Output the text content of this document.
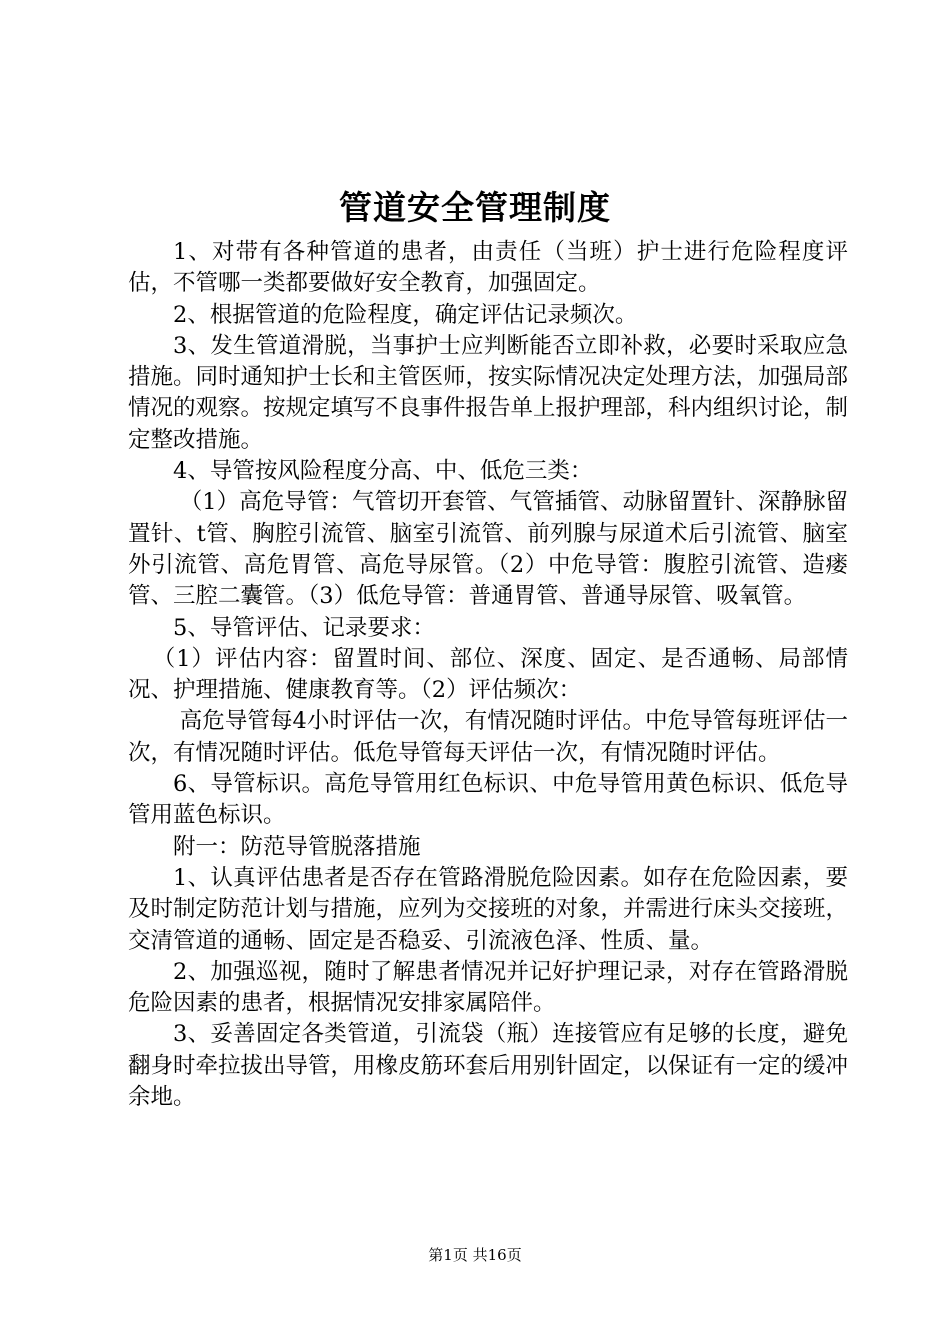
管道安全管理制度

1、对带有各种管道的患者，由责任（当班）护士进行危险程度评估，不管哪一类都要做好安全教育，加强固定。

2、根据管道的危险程度，确定评估记录频次。

3、发生管道滑脱，当事护士应判断能否立即补救，必要时采取应急措施。同时通知护士长和主管医师，按实际情况决定处理方法，加强局部情况的观察。按规定填写不良事件报告单上报护理部，科内组织讨论，制定整改措施。

4、导管按风险程度分高、中、低危三类：

（1）高危导管：气管切开套管、气管插管、动脉留置针、深静脉留置针、t管、胸腔引流管、脑室引流管、前列腺与尿道术后引流管、脑室外引流管、高危胃管、高危导尿管。（2）中危导管：腹腔引流管、造瘘管、三腔二囊管。（3）低危导管：普通胃管、普通导尿管、吸氧管。

5、导管评估、记录要求：

（1）评估内容：留置时间、部位、深度、固定、是否通畅、局部情况、护理措施、健康教育等。（2）评估频次：

高危导管每4小时评估一次，有情况随时评估。中危导管每班评估一次，有情况随时评估。低危导管每天评估一次，有情况随时评估。

6、导管标识。高危导管用红色标识、中危导管用黄色标识、低危导管用蓝色标识。

附一：防范导管脱落措施

1、认真评估患者是否存在管路滑脱危险因素。如存在危险因素，要及时制定防范计划与措施，应列为交接班的对象，并需进行床头交接班，交清管道的通畅、固定是否稳妥、引流液色泽、性质、量。

2、加强巡视，随时了解患者情况并记好护理记录，对存在管路滑脱危险因素的患者，根据情况安排家属陪伴。

3、妥善固定各类管道，引流袋（瓶）连接管应有足够的长度，避免翻身时牵拉拔出导管，用橡皮筋环套后用别针固定，以保证有一定的缓冲余地。

第1页 共16页
